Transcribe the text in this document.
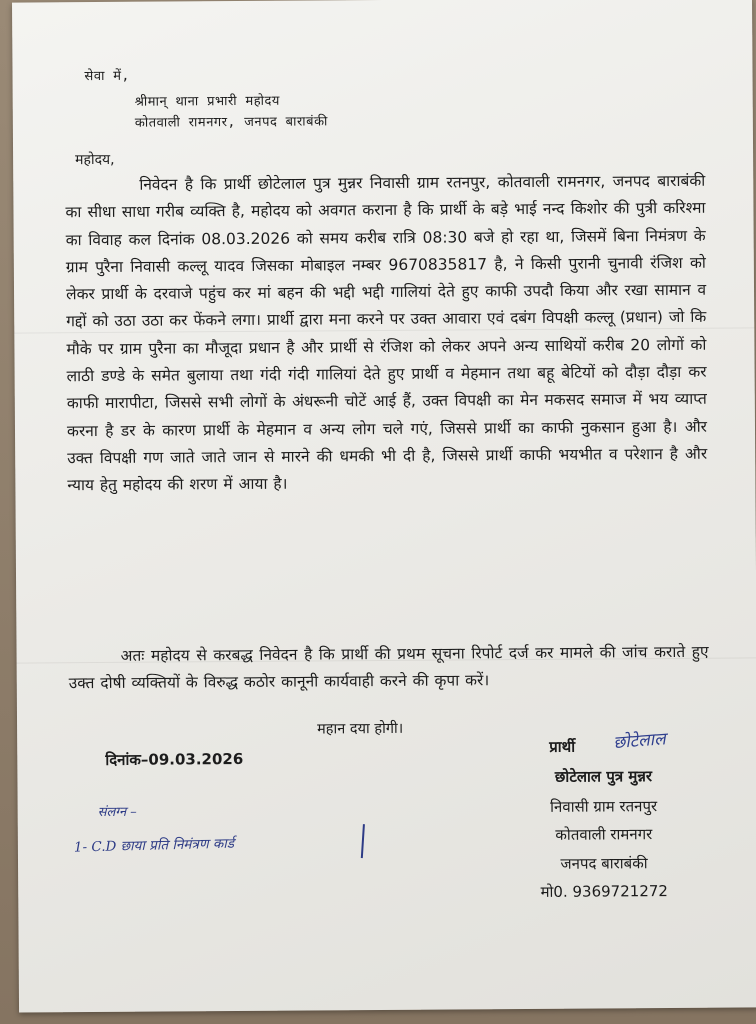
सेवा में,

श्रीमान् थाना प्रभारी महोदय

कोतवाली रामनगर, जनपद बाराबंकी

महोदय,

निवेदन है कि प्रार्थी छोटेलाल पुत्र मुन्नर निवासी ग्राम रतनपुर, कोतवाली रामनगर, जनपद बाराबंकी का सीधा साधा गरीब व्यक्ति है, महोदय को अवगत कराना है कि प्रार्थी के बड़े भाई नन्द किशोर की पुत्री करिश्मा का विवाह कल दिनांक 08.03.2026 को समय करीब रात्रि 08:30 बजे हो रहा था, जिसमें बिना निमंत्रण के ग्राम पुरैना निवासी कल्लू यादव जिसका मोबाइल नम्बर 9670835817 है, ने किसी पुरानी चुनावी रंजिश को लेकर प्रार्थी के दरवाजे पहुंच कर मां बहन की भद्दी भद्दी गालियां देते हुए काफी उपदौ किया और रखा सामान व गद्दों को उठा उठा कर फेंकने लगा। प्रार्थी द्वारा मना करने पर उक्त आवारा एवं दबंग विपक्षी कल्लू (प्रधान) जो कि मौके पर ग्राम पुरैना का मौजूदा प्रधान है और प्रार्थी से रंजिश को लेकर अपने अन्य साथियों करीब 20 लोगों को लाठी डण्डे के समेत बुलाया तथा गंदी गंदी गालियां देते हुए प्रार्थी व मेहमान तथा बहू बेटियों को दौड़ा दौड़ा कर काफी मारापीटा, जिससे सभी लोगों के अंधरूनी चोटें आई हैं, उक्त विपक्षी का मेन मकसद समाज में भय व्याप्त करना है डर के कारण प्रार्थी के मेहमान व अन्य लोग चले गएं, जिससे प्रार्थी का काफी नुकसान हुआ है। और उक्त विपक्षी गण जाते जाते जान से मारने की धमकी भी दी है, जिससे प्रार्थी काफी भयभीत व परेशान है और न्याय हेतु महोदय की शरण में आया है।

अतः महोदय से करबद्ध निवेदन है कि प्रार्थी की प्रथम सूचना रिपोर्ट दर्ज कर मामले की जांच कराते हुए उक्त दोषी व्यक्तियों के विरुद्ध कठोर कानूनी कार्यवाही करने की कृपा करें।

महान दया होगी।

दिनांक–09.03.2026

प्रार्थी छोटेलाल

छोटेलाल पुत्र मुन्नर

निवासी ग्राम रतनपुर

कोतवाली रामनगर

जनपद बाराबंकी

मो0. 9369721272

संलग्न –

1- C.D छाया प्रति निमंत्रण कार्ड
